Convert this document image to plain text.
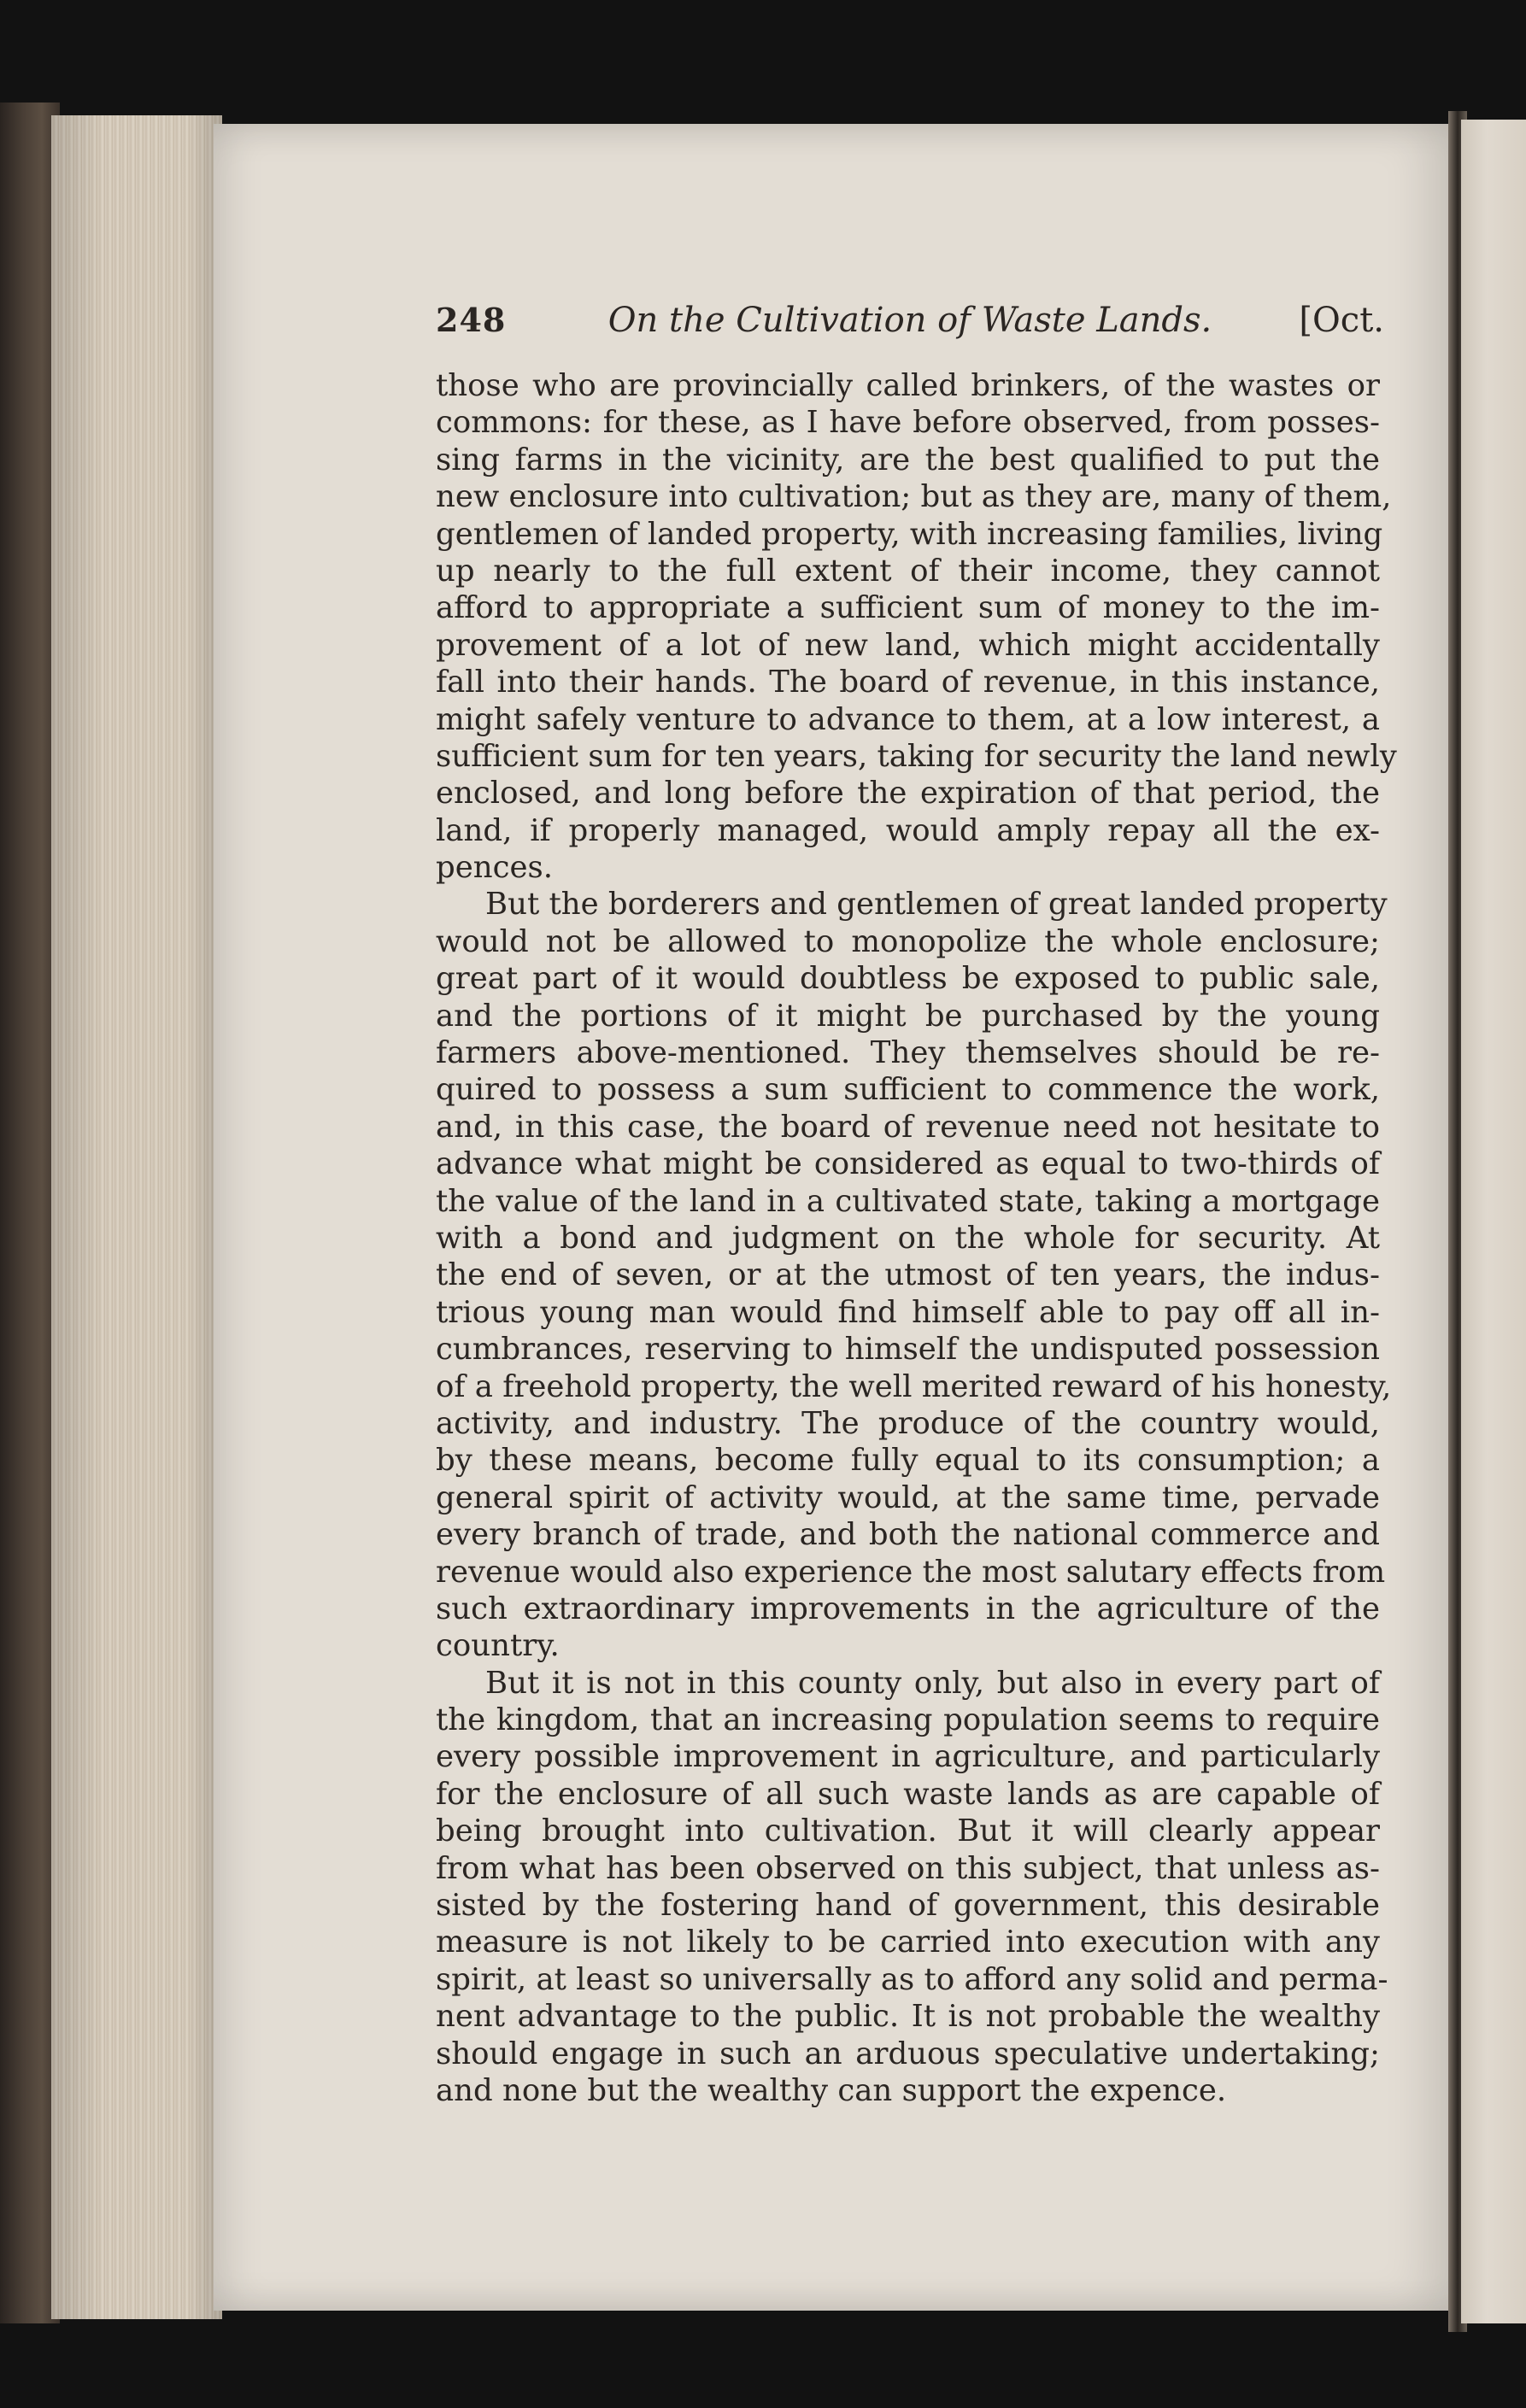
248	On the Cultivation of Waste Lands.	[Oct.
those who are provincially called brinkers, of the wastes or
commons: for these, as I have before observed, from posses-
sing farms in the vicinity, are the best qualified to put the
new enclosure into cultivation; but as they are, many of them,
gentlemen of landed property, with increasing families, living
up nearly to the full extent of their income, they cannot
afford to appropriate a sufficient sum of money to the im-
provement of a lot of new land, which might accidentally
fall into their hands. The board of revenue, in this instance,
might safely venture to advance to them, at a low interest, a
sufficient sum for ten years, taking for security the land newly
enclosed, and long before the expiration of that period, the
land, if properly managed, would amply repay all the ex-
pences.
But the borderers and gentlemen of great landed property
would not be allowed to monopolize the whole enclosure;
great part of it would doubtless be exposed to public sale,
and the portions of it might be purchased by the young
farmers above-mentioned. They themselves should be re-
quired to possess a sum sufficient to commence the work,
and, in this case, the board of revenue need not hesitate to
advance what might be considered as equal to two-thirds of
the value of the land in a cultivated state, taking a mortgage
with a bond and judgment on the whole for security. At
the end of seven, or at the utmost of ten years, the indus-
trious young man would find himself able to pay off all in-
cumbrances, reserving to himself the undisputed possession
of a freehold property, the well merited reward of his honesty,
activity, and industry. The produce of the country would,
by these means, become fully equal to its consumption; a
general spirit of activity would, at the same time, pervade
every branch of trade, and both the national commerce and
revenue would also experience the most salutary effects from
such extraordinary improvements in the agriculture of the
country.
But it is not in this county only, but also in every part of
the kingdom, that an increasing population seems to require
every possible improvement in agriculture, and particularly
for the enclosure of all such waste lands as are capable of
being brought into cultivation. But it will clearly appear
from what has been observed on this subject, that unless as-
sisted by the fostering hand of government, this desirable
measure is not likely to be carried into execution with any
spirit, at least so universally as to afford any solid and perma-
nent advantage to the public. It is not probable the wealthy
should engage in such an arduous speculative undertaking;
and none but the wealthy can support the expence.
